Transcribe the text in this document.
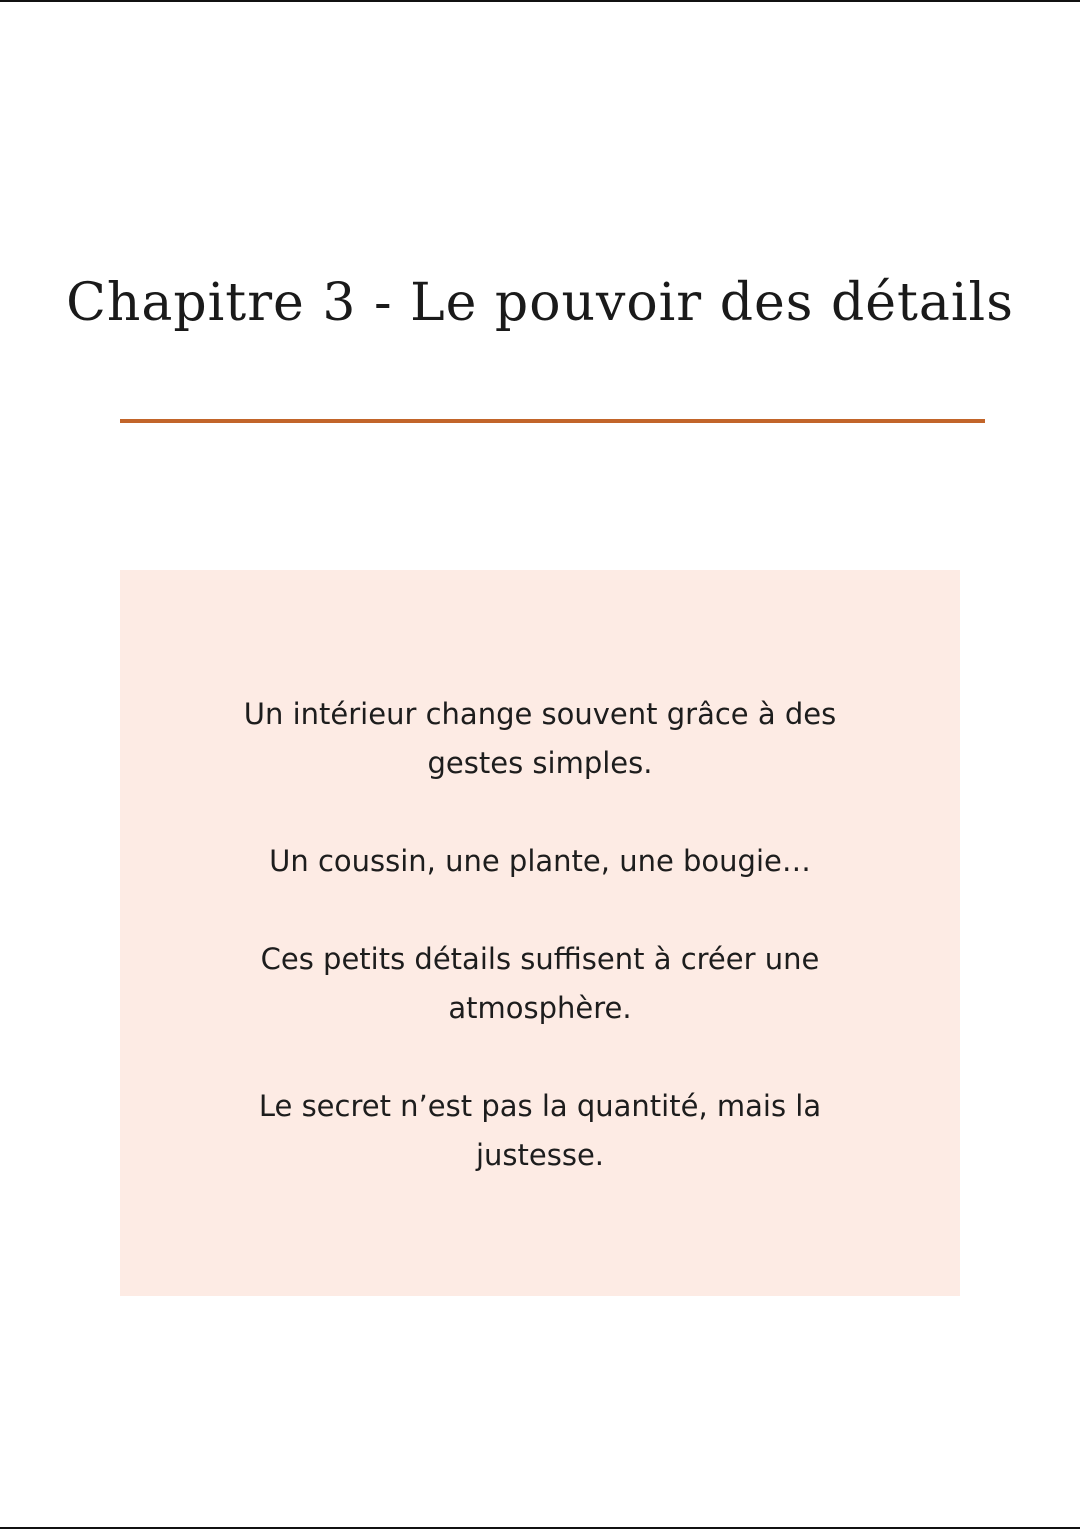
Chapitre 3 - Le pouvoir des détails

Un intérieur change souvent grâce à des gestes simples.

Un coussin, une plante, une bougie…

Ces petits détails suffisent à créer une atmosphère.

Le secret n’est pas la quantité, mais la justesse.
